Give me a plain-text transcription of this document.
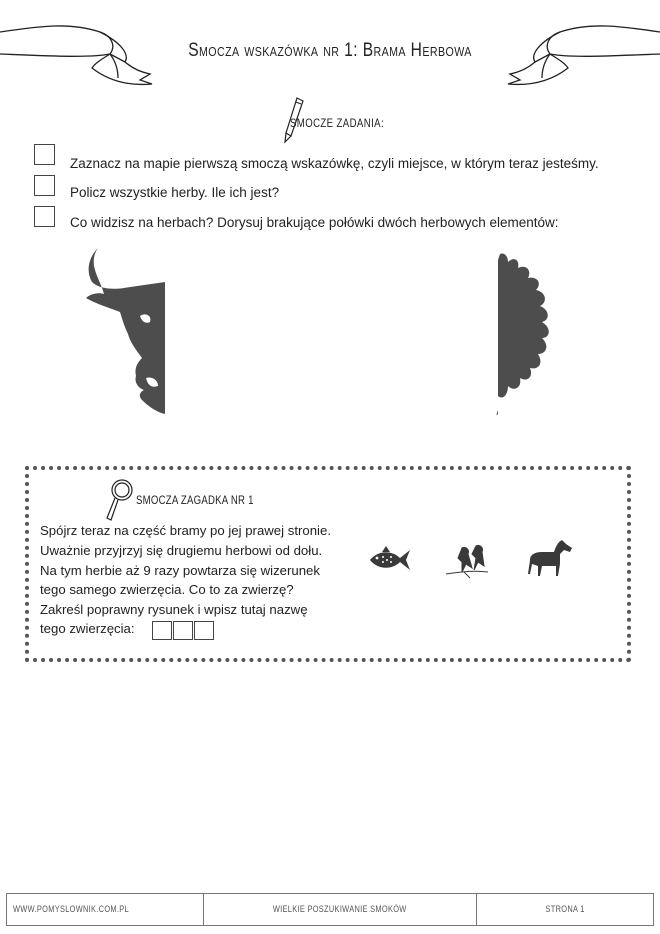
Smocza wskazówka nr 1: Brama Herbowa
SMOCZE ZADANIA:
Zaznacz na mapie pierwszą smoczą wskazówkę, czyli miejsce, w którym teraz jesteśmy.
Policz wszystkie herby. Ile ich jest?
Co widzisz na herbach? Dorysuj brakujące połówki dwóch herbowych elementów:
SMOCZA ZAGADKA NR 1
Spójrz teraz na część bramy po jej prawej stronie.
Uważnie przyjrzyj się drugiemu herbowi od dołu.
Na tym herbie aż 9 razy powtarza się wizerunek
tego samego zwierzęcia. Co to za zwierzę?
Zakreśl poprawny rysunek i wpisz tutaj nazwę
tego zwierzęcia:
WWW.POMYSLOWNIK.COM.PL	WIELKIE POSZUKIWANIE SMOKÓW	STRONA 1
